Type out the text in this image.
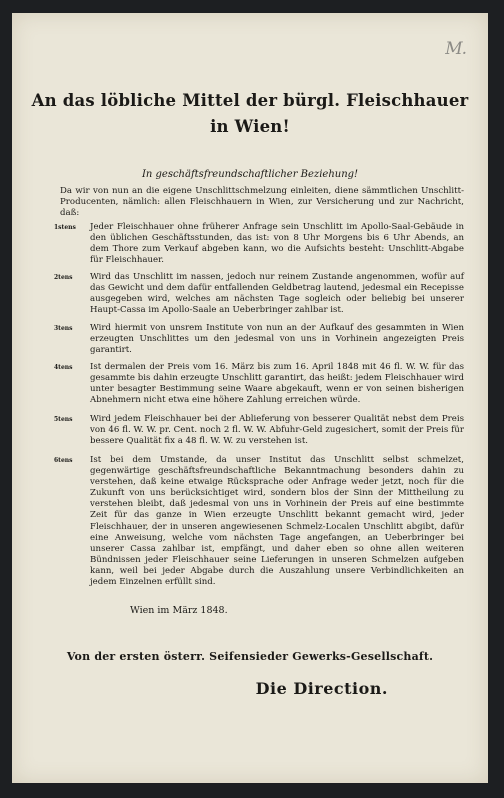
M.
An das löbliche Mittel der bürgl. Fleischhauer
in Wien!
In geschäftsfreundschaftlicher Beziehung!
Da wir von nun an die eigene Unschlittschmelzung einleiten, diene sämmtlichen Unschlitt-Producenten, nämlich: allen Fleischhauern in Wien, zur Versicherung und zur Nachricht, daß:
1stens Jeder Fleischhauer ohne früherer Anfrage sein Unschlitt im Apollo-Saal-Gebäude in den üblichen Geschäftsstunden, das ist: von 8 Uhr Morgens bis 6 Uhr Abends, an dem Thore zum Verkauf abgeben kann, wo die Aufsichts besteht: Unschlitt-Abgabe für Fleischhauer.
2tens Wird das Unschlitt im nassen, jedoch nur reinem Zustande angenommen, wofür auf das Gewicht und dem dafür entfallenden Geldbetrag lautend, jedesmal ein Recepisse ausgegeben wird, welches am nächsten Tage sogleich oder beliebig bei unserer Haupt-Cassa im Apollo-Saale an Ueberbringer zahlbar ist.
3tens Wird hiermit von unsrem Institute von nun an der Aufkauf des gesammten in Wien erzeugten Unschlittes um den jedesmal von uns in Vorhinein angezeigten Preis garantirt.
4tens Ist dermalen der Preis vom 16. März bis zum 16. April 1848 mit 46 fl. W. W. für das gesammte bis dahin erzeugte Unschlitt garantirt, das heißt: jedem Fleischhauer wird unter besagter Bestimmung seine Waare abgekauft, wenn er von seinen bisherigen Abnehmern nicht etwa eine höhere Zahlung erreichen würde.
5tens Wird jedem Fleischhauer bei der Ablieferung von besserer Qualität nebst dem Preis von 46 fl. W. W. pr. Cent. noch 2 fl. W. W. Abfuhr-Geld zugesichert, somit der Preis für bessere Qualität fix a 48 fl. W. W. zu verstehen ist.
6tens Ist bei dem Umstande, da unser Institut das Unschlitt selbst schmelzet, gegenwärtige geschäftsfreundschaftliche Bekanntmachung besonders dahin zu verstehen, daß keine etwaige Rücksprache oder Anfrage weder jetzt, noch für die Zukunft von uns berücksichtiget wird, sondern blos der Sinn der Mittheilung zu verstehen bleibt, daß jedesmal von uns in Vorhinein der Preis auf eine bestimmte Zeit für das ganze in Wien erzeugte Unschlitt bekannt gemacht wird, jeder Fleischhauer, der in unseren angewiesenen Schmelz-Localen Unschlitt abgibt, dafür eine Anweisung, welche vom nächsten Tage angefangen, an Ueberbringer bei unserer Cassa zahlbar ist, empfängt, und daher eben so ohne allen weiteren Bündnissen jeder Fleischhauer seine Lieferungen in unseren Schmelzen aufgeben kann, weil bei jeder Abgabe durch die Auszahlung unsere Verbindlichkeiten an jedem Einzelnen erfüllt sind.
Wien im März 1848.
Von der ersten österr. Seifensieder Gewerks-Gesellschaft.
Die Direction.
